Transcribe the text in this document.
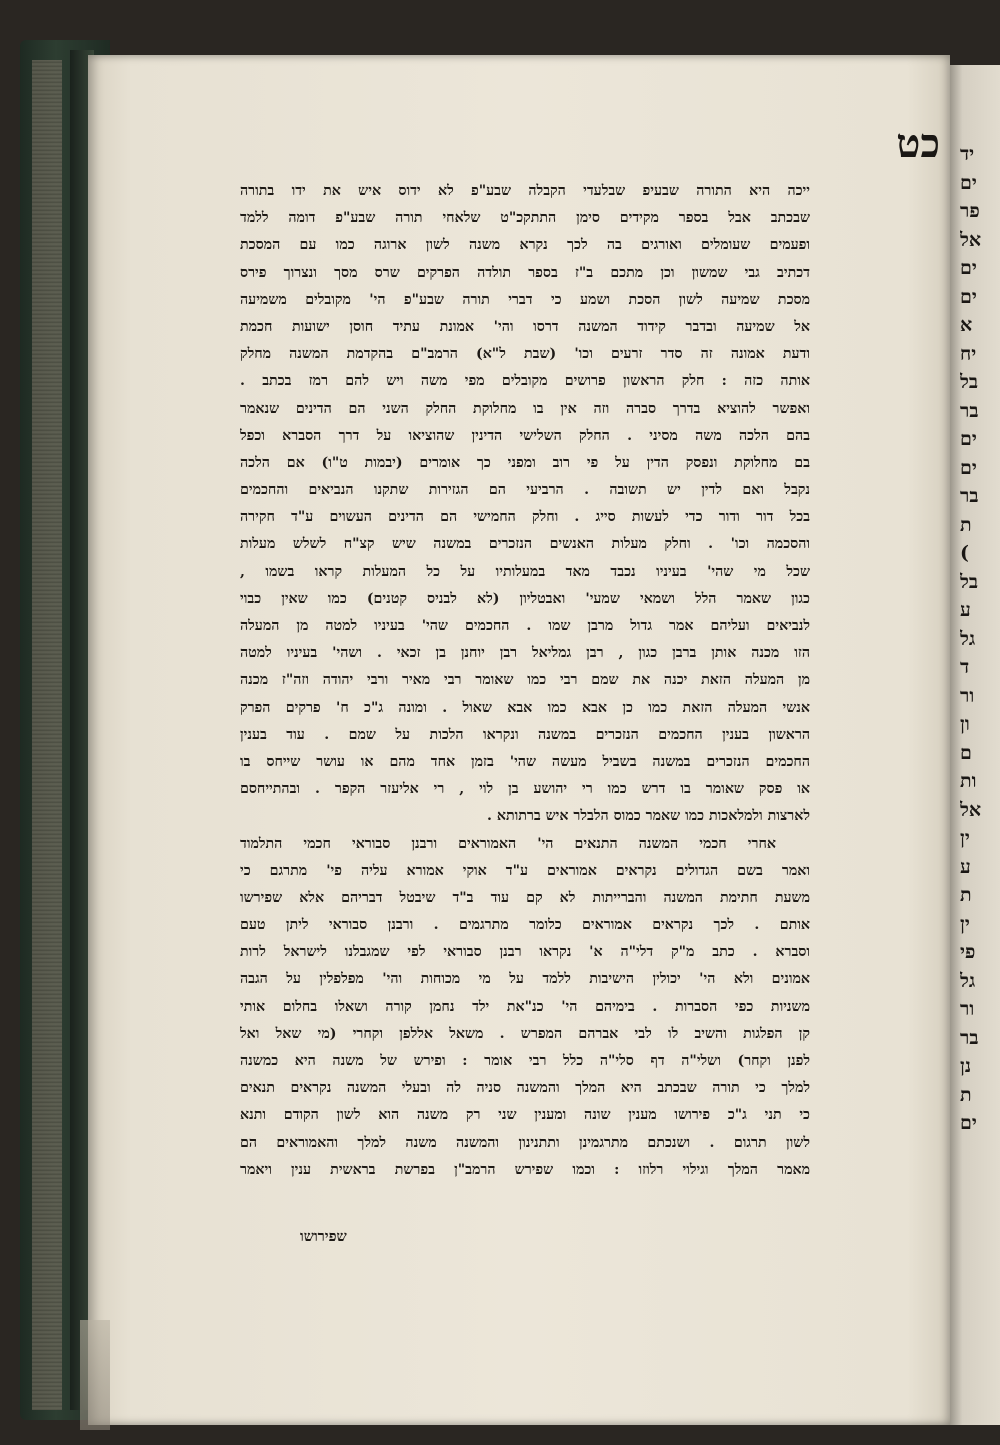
יד
ים
פר
אל
ים
ים
א
יח
בל
בר
ים
ים
בר
ת
)
בל
ע
גל
ד
ור
ון
ם
ות
אל
ין
ע
ת
ין
פי
גל
ור
בר
נן
ת
ים
כט
ייכה היא התורה שבעיפ שבלעדי הקבלה שבע"פ לא ידוס איש את ידו בתורה
שבכתב אבל בספר מקידים סימן התתקכ"ט שלאחי תורה שבע"פ דומה ללמד
ופעמים שעומלים ואורגים בה לכך נקרא משנה לשון ארוגה כמו עם המסכת
דכתיב גבי שמשון וכן מתכם ב"ז בספר תולדה הפרקים שרס מסך ונצרוך פירס
מסכת שמיעה לשון הסכת ושמע כי דברי תורה שבע"פ הי' מקובלים משמיעה
אל שמיעה ובדבר קידוד המשנה דרסו והי' אמונת עתיד חוסן ישועות חכמת
ודעת אמונה זה סדר זרעים וכו' (שבת ל"א) הרמב"ם בהקדמת המשנה מחלק
אותה כזה : חלק הראשון פרושים מקובלים מפי משה ויש להם רמז בכתב .
ואפשר להוציא בדרך סברה וזה אין בו מחלוקת החלק השני הם הדינים שנאמר
בהם הלכה משה מסיני . החלק השלישי הדינין שהוציאו על דרך הסברא וכפל
בם מחלוקת ונפסק הדין על פי רוב ומפני כך אומרים (יבמות ט"ו) אם הלכה
נקבל ואם לדין יש תשובה . הרביעי הם הגזירות שתקנו הנביאים והחכמים
בכל דור ודור כדי לעשות סייג . וחלק החמישי הם הדינים העשוים ע"ד חקירה
והסכמה וכו' . וחלק מעלות האנשים הנזכרים במשנה שיש קצ"ח לשלש מעלות
שכל מי שהי' בעיניו נכבד מאד במעלותיו על כל המעלות קראו בשמו ,
כגון שאמר הלל ושמאי שמעי' ואבטליון (לא לבניס קטנים) כמו שאין כבוי
לנביאים ועליהם אמר גדול מרבן שמו . החכמים שהי' בעיניו למטה מן המעלה
הזו מכנה אותן ברבן כגון , רבן גמליאל רבן יוחנן בן זכאי . ושהי' בעיניו למטה
מן המעלה הזאת יכנה את שמם רבי כמו שאומר רבי מאיר ורבי יהודה וזה"ז מכנה
אנשי המעלה הזאת כמו כן אבא כמו אבא שאול . ומונה ג"כ ח' פרקים הפרק
הראשון בענין החכמים הנזכרים במשנה ונקראו הלכות על שמם . עוד בענין
החכמים הנזכרים במשנה בשביל מעשה שהי' בזמן אחד מהם או עושר שייחס בו
או פסק שאומר בו דרש כמו רי יהושע בן לוי , רי אליעזר הקפר . ובהתייחסם
לארצות ולמלאכות כמו שאמר כמוס הלבלר איש ברתותא .
אחרי חכמי המשנה התנאים הי' האמוראים ורבנן סבוראי חכמי התלמוד
ואמר בשם הגדולים נקראים אמוראים ע"ד אוקי אמורא עליה פי' מתרגם כי
משעת חתימת המשנה והברייתות לא קם עוד ב"ד שיבטל דבריהם אלא שפירשו
אותם . לכך נקראים אמוראים כלומר מתרגמים . ורבנן סבוראי ליתן טעם
וסברא . כתב מ"ק דלי"ה א' נקראו רבנן סבוראי לפי שמגבלנו לישראל לרות
אמונים ולא הי' יכולין הישיבות ללמד על מי מכוחות והי' מפלפלין על הגבה
משניות כפי הסברות . בימיהם הי' כנ"את ילד נחמן קורה ושאלו בחלום אותי
קן הפלגות והשיב לו לבי אברהם המפרש . משאל אללפן וקחרי (מי שאל ואל
לפנן וקחר) ושלי"ה דף סלי"ה כלל רבי אומר : ופירש של משנה היא כמשנה
למלך כי תורה שבכתב היא המלך והמשנה סניה לה ובעלי המשנה נקראים תנאים
כי תני ג"כ פירושו מענין שונה ומענין שני רק משנה הוא לשון הקודם ותנא
לשון תרגום . ושנכתם מתרגמינן ותתנינון והמשנה משנה למלך והאמוראים הם
מאמר המלך וגילוי רלוזו : וכמו שפירש הרמב"ן בפרשת בראשית ענין ויאמר
שפירושו
